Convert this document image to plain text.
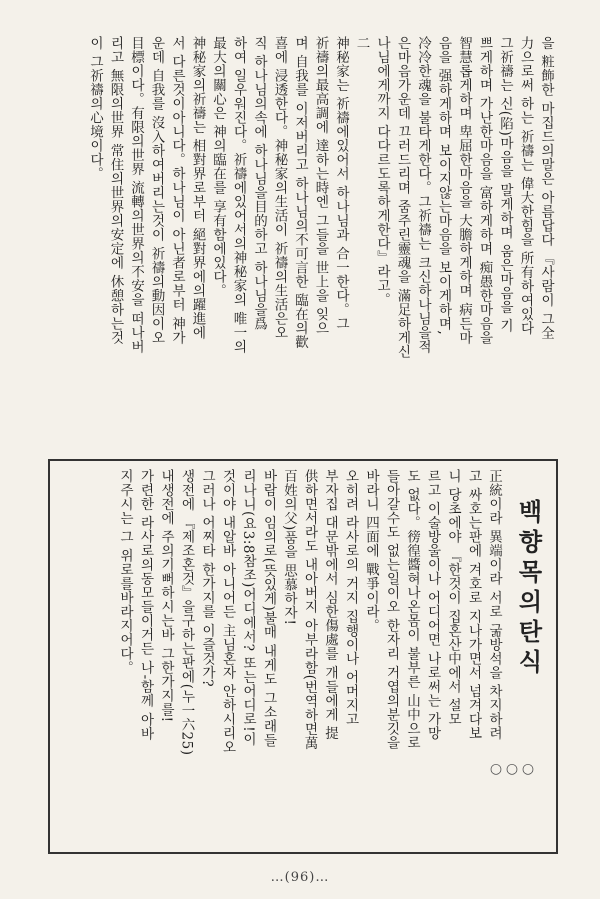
을 粧飾한 마집드의말은 아름답다 『사람이 그全
力으로써 하는 祈禱는 偉大한힘을 所有하여있다
그祈禱는 신(陷)마음을 말게하며 움은마음을 기
쁘게하며 가난한마음을 富하게하며 痴愚한마음을
智慧롭게하며 卑屈한마음을 大膽하게하며 病든마
음을 强하게하며 보이지않는마음을 보이게하며,
冷冷한魂을 불타게한다。그祈禱는 크신하나님을적
은마음가운데 끄러드리며 줌주린靈魂을 滿足하게신
나님에게까지 다다르도록하게한다』라고。
二
神秘家는 祈禱에있어서 하나님과 合一한다。그
祈禱의最高調에 達하는時엔 그들을 世上을 잊으
며 自我를 이저버리고 하나님의不可言한 臨在의歡
喜에 浸透한다。神秘家의生活이 祈禱의生活은오
직 하나님의속에 하나님을目的하고 하나님을爲
하여 일우워진다。祈禱에있어서의神秘家의 唯一의
最大의關心은 神의臨在를 享有함에있다。
神秘家의祈禱는 相對界로부터 絕對界에의躍進에
서 다른것이아니다。하나님이 아닌者로부터 神가
운데 自我를 沒入하여버리는것이 祈禱의動因이오
目標이다。有限의世界 流轉의世界의不安을 떠나버
리고 無限의世界 常住의世界의安定에 休憩하는것
이 그祈禱의心境이다。
백향목의탄식
正統이라 異端이라 서로 굶방석을 차지하려
고 싸호는판에 겨호로 지나가면서 넘겨다보
니 당초에야 『한것이 집혼산中에서 설모
르고 이술방울이나 어디어면 나로써는 가망
도 없다。徬徨醬혀나온몸이 불부른 山中으로
들아갈수도 없는일이오 한자리 거엽의분깃을
바라니 四面에 戰爭이라。
오히려 라사로의 거지 집행이나 어머지고
부자집 대문밖에서 심한傷處를 개들에게 提
供하면서라도 내아버지 아부라함(번역하면萬
百姓의父)품을 思慕하자!
바람이 임의로(뜻있게)불매 내게도 그소래들
리나니(요3:8참조)어디에서? 또는어디로!이
것이야 내알바 아니어든 主님혼자 안하시리오
그러나 어찌타 한가지를 이즐것가?
생전에 『제조혼것』을구하는판에(누一六25)
내생전에 주의기뻐하시는바 그한가지를!
가련한 라사로의동모들이거든 나-함께 아바
지주시는 그 위로를바라지어다。
○ ○ ○
…(96)…
